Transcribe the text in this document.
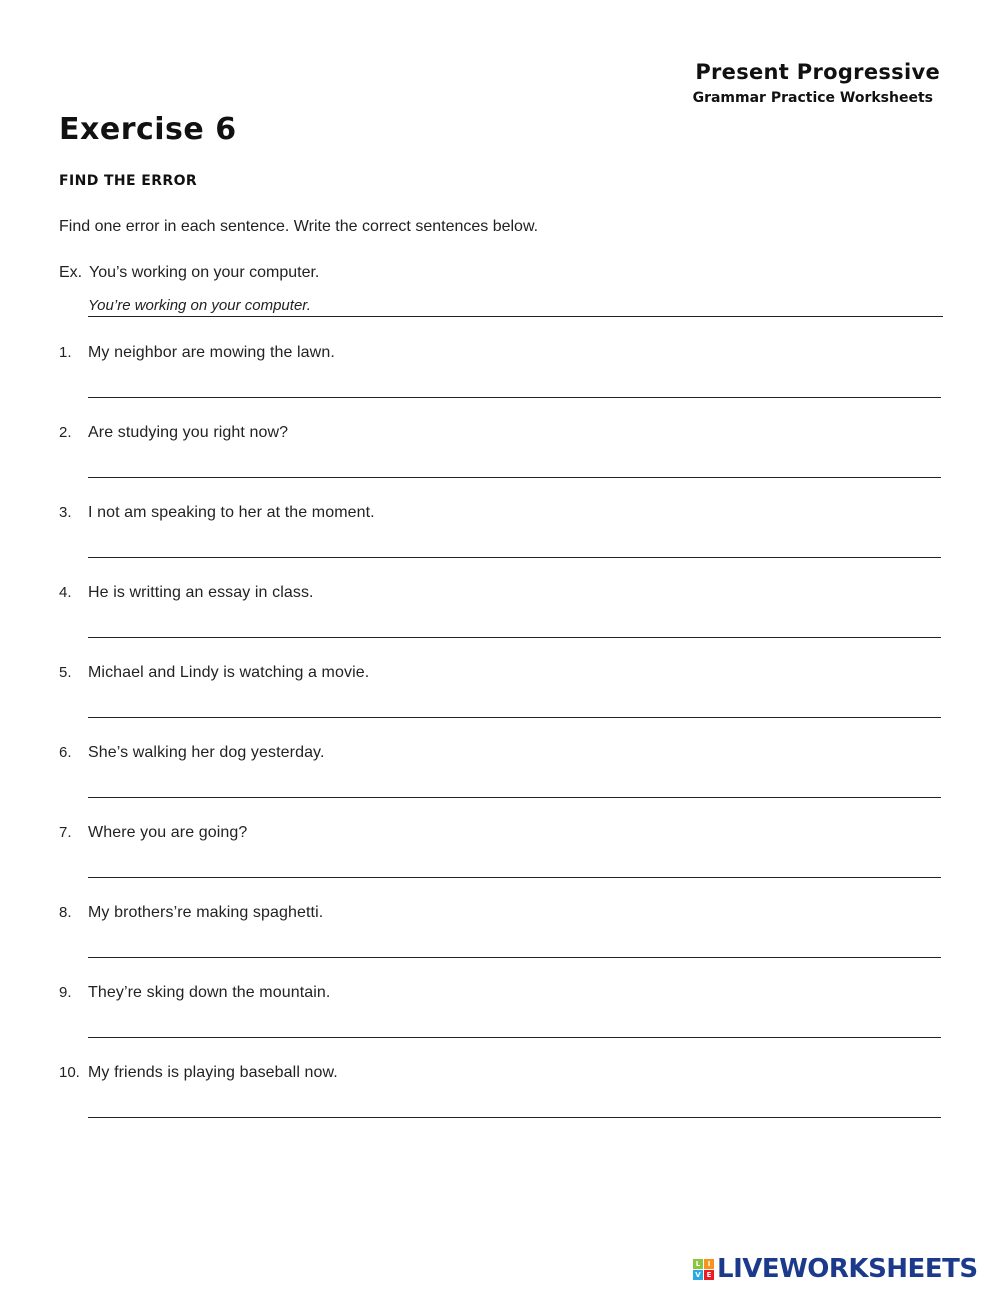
Present Progressive
Grammar Practice Worksheets
Exercise 6
FIND THE ERROR
Find one error in each sentence. Write the correct sentences below.
Ex. You’s working on your computer.
You’re working on your computer.
1. My neighbor are mowing the lawn.
2. Are studying you right now?
3. I not am speaking to her at the moment.
4. He is writting an essay in class.
5. Michael and Lindy is watching a movie.
6. She’s walking her dog yesterday.
7. Where you are going?
8. My brothers’re making spaghetti.
9. They’re sking down the mountain.
10. My friends is playing baseball now.
L	I
V E LIVEWORKSHEETS
